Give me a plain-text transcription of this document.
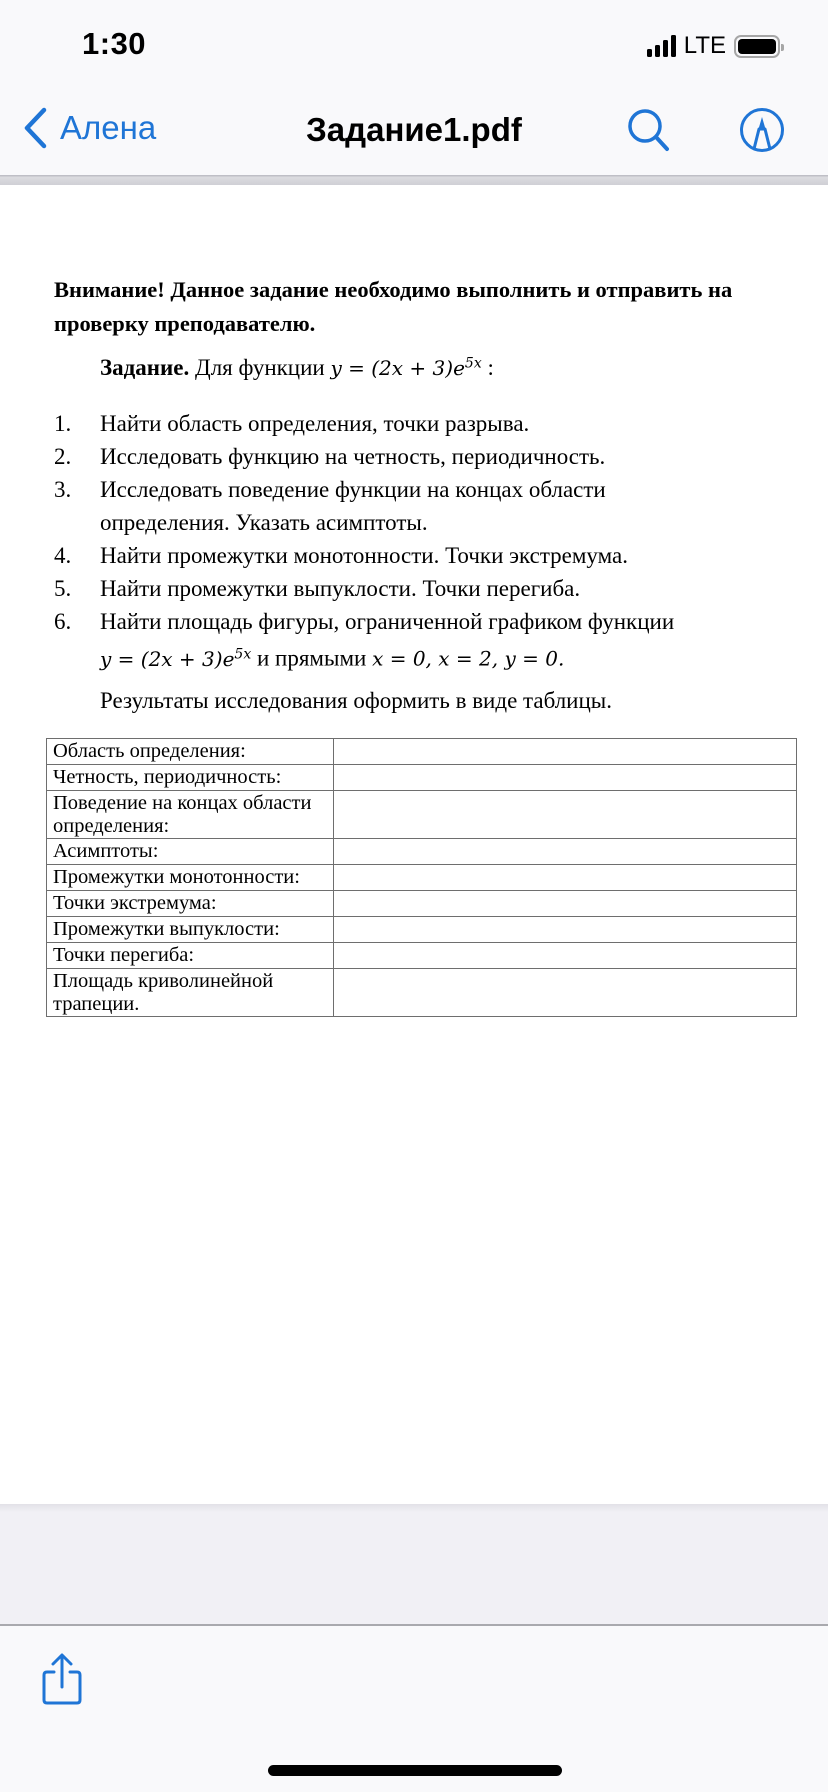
1:30	LTE
Алена	Задание1.pdf

Внимание! Данное задание необходимо выполнить и отправить на проверку преподавателю.

Задание. Для функции $y = (2x + 3)e^{5x}$ :

1.	Найти область определения, точки разрыва.
2.	Исследовать функцию на четность, периодичность.
3.	Исследовать поведение функции на концах области определения. Указать асимптоты.
4.	Найти промежутки монотонности. Точки экстремума.
5.	Найти промежутки выпуклости. Точки перегиба.
6.	Найти площадь фигуры, ограниченной графиком функции
$y = (2x + 3)e^{5x}$ и прямыми x = 0, x = 2, y = 0.

Результаты исследования оформить в виде таблицы.

Область определения:	
Четность, периодичность:	
Поведение на концах области определения:	
Асимптоты:	
Промежутки монотонности:	
Точки экстремума:	
Промежутки выпуклости:	
Точки перегиба:	
Площадь криволинейной трапеции.	
